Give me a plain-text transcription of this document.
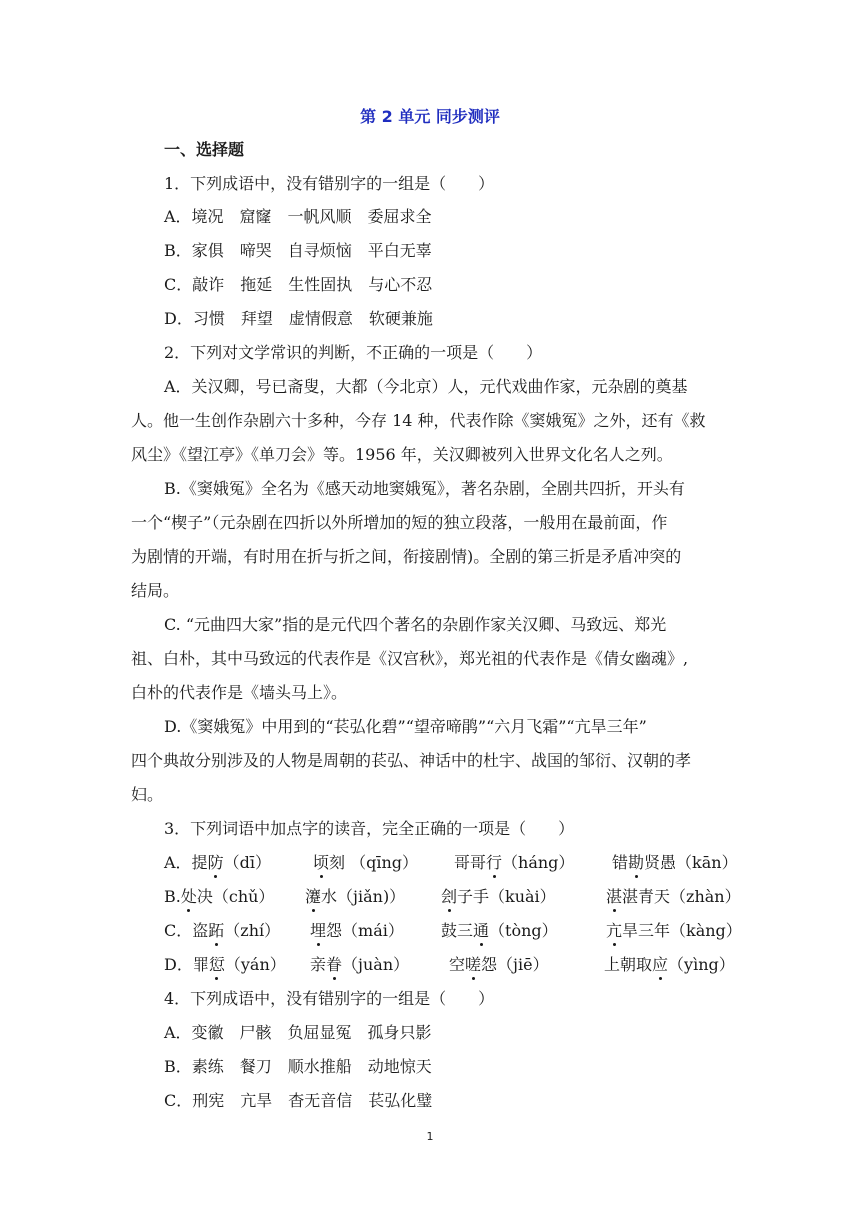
第 2 单元 同步测评
一、选择题
1．下列成语中，没有错别字的一组是（　　）
A．境况　窟窿　一帆风顺　委屈求全
B．家俱　啼哭　自寻烦恼　平白无辜
C．敲诈　拖延　生性固执　与心不忍
D．习惯　拜望　虚情假意　软硬兼施
2．下列对文学常识的判断，不正确的一项是（　　）
A．关汉卿，号已斋叟，大都（今北京）人，元代戏曲作家，元杂剧的奠基
人。他一生创作杂剧六十多种，今存 14 种，代表作除《窦娥冤》之外，还有《救
风尘》《望江亭》《单刀会》等。1956 年，关汉卿被列入世界文化名人之列。
B.《窦娥冤》全名为《感天动地窦娥冤》，著名杂剧，全剧共四折，开头有
一个“楔子”（元杂剧在四折以外所增加的短的独立段落，一般用在最前面，作
为剧情的开端，有时用在折与折之间，衔接剧情)。全剧的第三折是矛盾冲突的
结局。
C. “元曲四大家”指的是元代四个著名的杂剧作家关汉卿、马致远、郑光
祖、白朴，其中马致远的代表作是《汉宫秋》，郑光祖的代表作是《倩女幽魂》,
白朴的代表作是《墙头马上》。
D.《窦娥冤》中用到的“苌弘化碧”“望帝啼鹃”“六月飞霜”“亢旱三年”
四个典故分别涉及的人物是周朝的苌弘、神话中的杜宇、战国的邹衍、汉朝的孝
妇。
3．下列词语中加点字的读音，完全正确的一项是（　　）
A．提防（dī）	顷刻 （qīng） 哥哥行（háng） 错勘贤愚（kān）
B.处决（chǔ） 瀽水（jiǎn)） 刽子手（kuài）	湛湛青天（zhàn）
C．盗跖（zhí） 埋怨（mái） 鼓三通（tòng）	亢旱三年（kàng）
D．罪愆（yán） 亲眷（juàn） 空嗟怨（jiē）	上朝取应（yìng）
4．下列成语中，没有错别字的一组是（　　）
A．变徽　尸骸　负屈显冤　孤身只影
B．素练　餐刀　顺水推船　动地惊天
C．刑宪　亢旱　杳无音信　苌弘化璧
1
